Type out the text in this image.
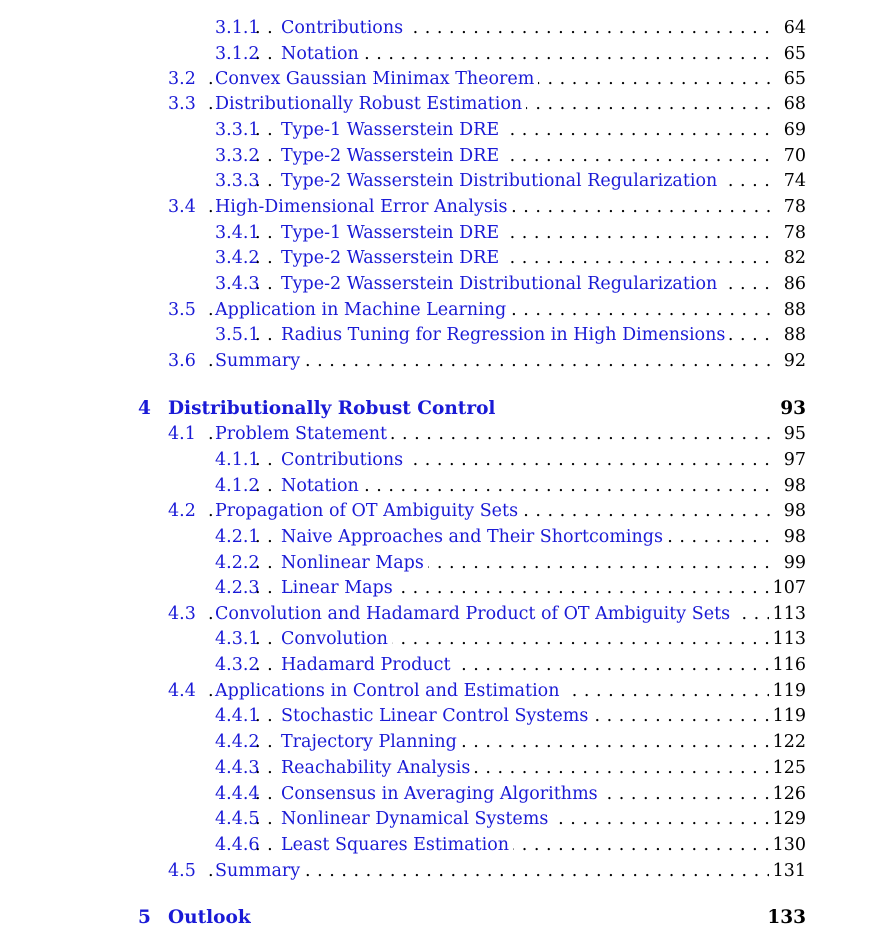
3.1.1 . . . Contributions	64
3.1.2 . . . Notation	65
3.2 . . . Convex Gaussian Minimax Theorem	65
3.3 . . . Distributionally Robust Estimation	68
3.3.1 . . . Type-1 Wasserstein DRE	69
3.3.2 . . . Type-2 Wasserstein DRE	70
3.3.3 . . . Type-2 Wasserstein Distributional Regularization	74
3.4 . . . High-Dimensional Error Analysis	78
3.4.1 . . . Type-1 Wasserstein DRE	78
3.4.2 . . . Type-2 Wasserstein DRE	82
3.4.3 . . . Type-2 Wasserstein Distributional Regularization	86
3.5 . . . Application in Machine Learning	88
3.5.1 . . . Radius Tuning for Regression in High Dimensions	88
3.6 . . . Summary	92
4 Distributionally Robust Control	93
4.1 . . . Problem Statement	95
4.1.1 . . . Contributions	97
4.1.2 . . . Notation	98
4.2 . . . Propagation of OT Ambiguity Sets	98
4.2.1 . . . Naive Approaches and Their Shortcomings	98
4.2.2 . . . Nonlinear Maps	99
4.2.3 . . . Linear Maps	107
4.3 . . . Convolution and Hadamard Product of OT Ambiguity Sets 113
4.3.1 . . . Convolution	113
4.3.2 . . . Hadamard Product	116
4.4 . . . Applications in Control and Estimation	119
4.4.1 . . . Stochastic Linear Control Systems	119
4.4.2 . . . Trajectory Planning	122
4.4.3 . . . Reachability Analysis	125
4.4.4 . . . Consensus in Averaging Algorithms	126
4.4.5 . . . Nonlinear Dynamical Systems	129
4.4.6 . . . Least Squares Estimation	130
4.5 . . . Summary	131
5 Outlook	133
